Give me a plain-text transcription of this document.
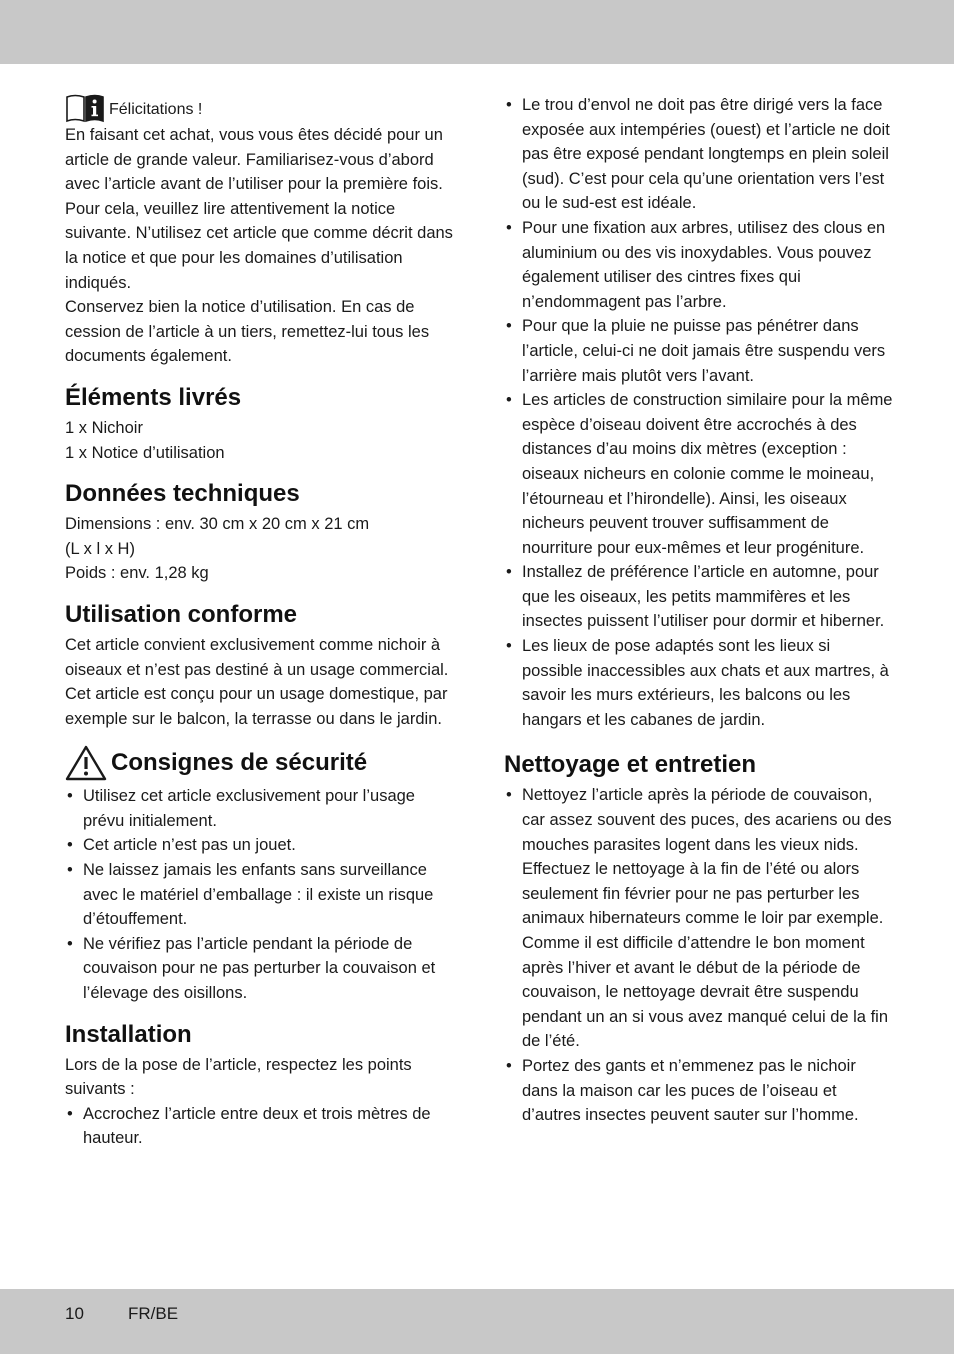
Félicitations !

En faisant cet achat, vous vous êtes décidé pour un article de grande valeur. Familiarisez-vous d’abord avec l’article avant de l’utiliser pour la première fois. Pour cela, veuillez lire attentivement la notice suivante. N’utilisez cet article que comme décrit dans la notice et que pour les domaines d’utilisation indiqués.

Conservez bien la notice d’utilisation. En cas de cession de l’article à un tiers, remettez-lui tous les documents également.

Éléments livrés

1 x Nichoir

1 x Notice d’utilisation

Données techniques

Dimensions : env. 30 cm x 20 cm x 21 cm

(L x l x H)

Poids : env. 1,28 kg

Utilisation conforme

Cet article convient exclusivement comme nichoir à oiseaux et n’est pas destiné à un usage commercial. Cet article est conçu pour un usage domestique, par exemple sur le balcon, la terrasse ou dans le jardin.

Consignes de sécurité
• Utilisez cet article exclusivement pour l’usage prévu initialement.
• Cet article n’est pas un jouet.
• Ne laissez jamais les enfants sans surveillance avec le matériel d’emballage : il existe un risque d’étouffement.
• Ne vérifiez pas l’article pendant la période de couvaison pour ne pas perturber la couvaison et l’élevage des oisillons.
Installation

Lors de la pose de l’article, respectez les points suivants :

• Accrochez l’article entre deux et trois mètres de hauteur.
• Le trou d’envol ne doit pas être dirigé vers la face exposée aux intempéries (ouest) et l’article ne doit pas être exposé pendant longtemps en plein soleil (sud). C’est pour cela qu’une orientation vers l’est ou le sud-est est idéale.
• Pour une fixation aux arbres, utilisez des clous en aluminium ou des vis inoxydables. Vous pouvez également utiliser des cintres fixes qui n’endommagent pas l’arbre.
• Pour que la pluie ne puisse pas pénétrer dans l’article, celui-ci ne doit jamais être suspendu vers l’arrière mais plutôt vers l’avant.
• Les articles de construction similaire pour la même espèce d’oiseau doivent être accrochés à des distances d’au moins dix mètres (exception : oiseaux nicheurs en colonie comme le moineau, l’étourneau et l’hirondelle). Ainsi, les oiseaux nicheurs peuvent trouver suffisamment de nourriture pour eux-mêmes et leur progéniture.
• Installez de préférence l’article en automne, pour que les oiseaux, les petits mammifères et les insectes puissent l’utiliser pour dormir et hiberner.
• Les lieux de pose adaptés sont les lieux si possible inaccessibles aux chats et aux martres, à savoir les murs extérieurs, les balcons ou les hangars et les cabanes de jardin.
Nettoyage et entretien
• Nettoyez l’article après la période de couvaison, car assez souvent des puces, des acariens ou des mouches parasites logent dans les vieux nids. Effectuez le nettoyage à la fin de l’été ou alors seulement fin février pour ne pas perturber les animaux hibernateurs comme le loir par exemple. Comme il est difficile d’attendre le bon moment après l’hiver et avant le début de la période de couvaison, le nettoyage devrait être suspendu pendant un an si vous avez manqué celui de la fin de l’été.
• Portez des gants et n’emmenez pas le nichoir dans la maison car les puces de l’oiseau et d’autres insectes peuvent sauter sur l’homme.
10	FR/BE
